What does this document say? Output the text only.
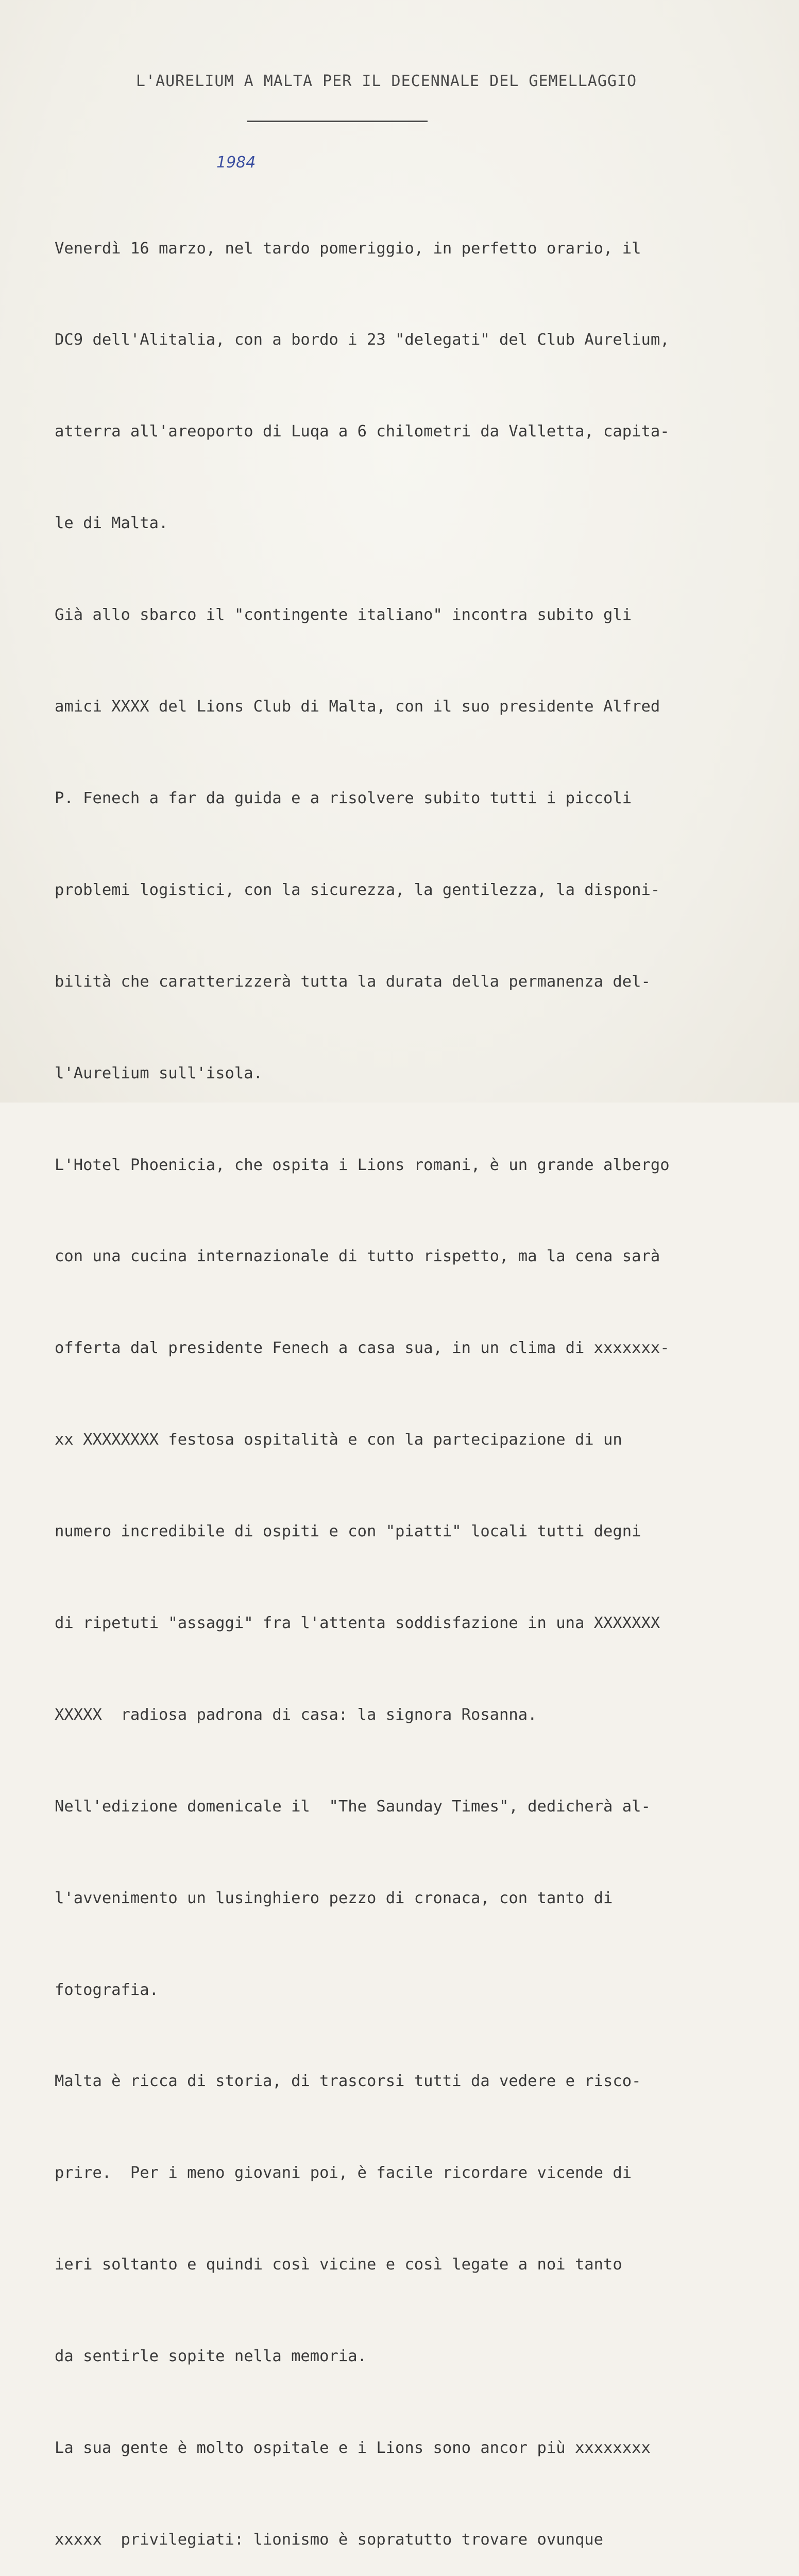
L'AURELIUM A MALTA PER IL DECENNALE DEL GEMELLAGGIO
1984

Venerdì 16 marzo, nel tardo pomeriggio, in perfetto orario, il

DC9 dell'Alitalia, con a bordo i 23 "delegati" del Club Aurelium,

atterra all'areoporto di Luqa a 6 chilometri da Valletta, capita-

le di Malta.

Già allo sbarco il "contingente italiano" incontra subito gli

amici XXXX del Lions Club di Malta, con il suo presidente Alfred

P. Fenech a far da guida e a risolvere subito tutti i piccoli

problemi logistici, con la sicurezza, la gentilezza, la disponi-

bilità che caratterizzerà tutta la durata della permanenza del-

l'Aurelium sull'isola.

L'Hotel Phoenicia, che ospita i Lions romani, è un grande albergo

con una cucina internazionale di tutto rispetto, ma la cena sarà

offerta dal presidente Fenech a casa sua, in un clima di xxxxxxx-

xx XXXXXXXX festosa ospitalità e con la partecipazione di un

numero incredibile di ospiti e con "piatti" locali tutti degni

di ripetuti "assaggi" fra l'attenta soddisfazione in una XXXXXXX

XXXXX  radiosa padrona di casa: la signora Rosanna.

Nell'edizione domenicale il  "The Saunday Times", dedicherà al-

l'avvenimento un lusinghiero pezzo di cronaca, con tanto di

fotografia.

Malta è ricca di storia, di trascorsi tutti da vedere e risco-

prire.  Per i meno giovani poi, è facile ricordare vicende di

ieri soltanto e quindi così vicine e così legate a noi tanto

da sentirle sopite nella memoria.

La sua gente è molto ospitale e i Lions sono ancor più xxxxxxxx

xxxxx  privilegiati: lionismo è sopratutto trovare ovunque
